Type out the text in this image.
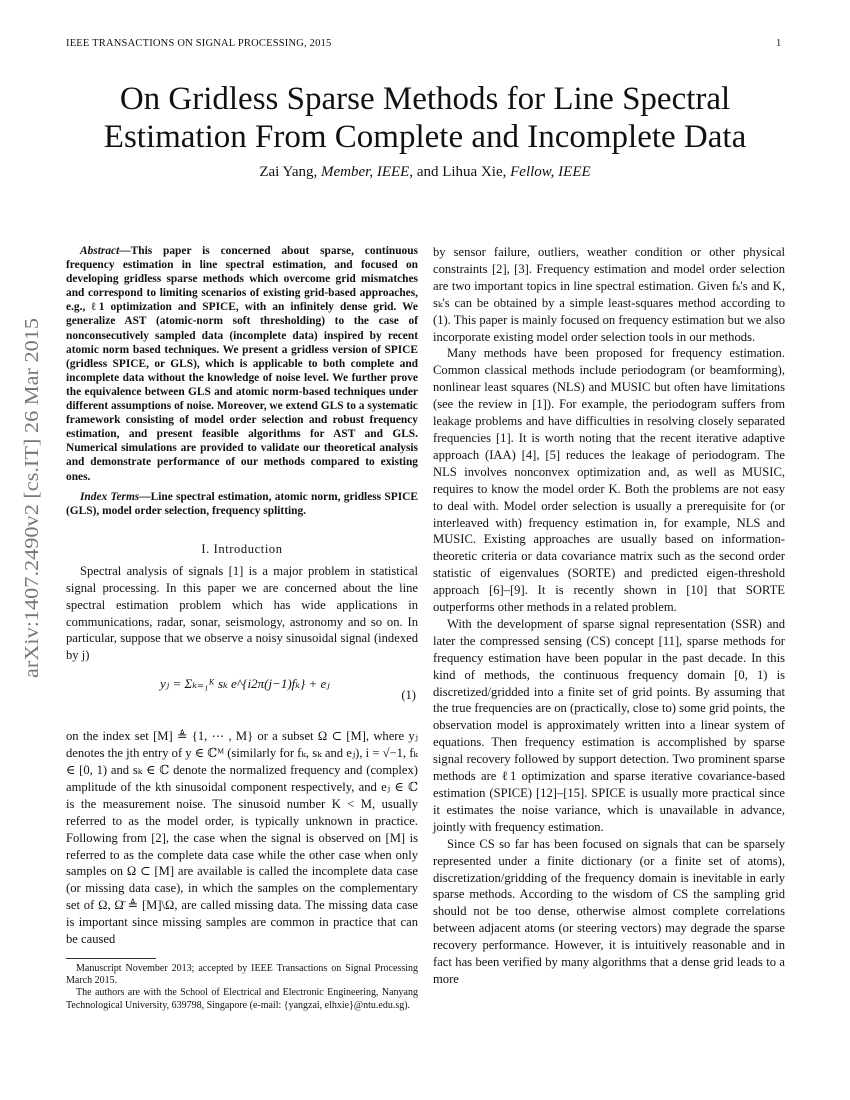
IEEE TRANSACTIONS ON SIGNAL PROCESSING, 2015	1
arXiv:1407.2490v2 [cs.IT] 26 Mar 2015
On Gridless Sparse Methods for Line Spectral Estimation From Complete and Incomplete Data
Zai Yang, Member, IEEE, and Lihua Xie, Fellow, IEEE

Abstract—This paper is concerned about sparse, continuous frequency estimation in line spectral estimation, and focused on developing gridless sparse methods which overcome grid mismatches and correspond to limiting scenarios of existing grid-based approaches, e.g., ℓ1 optimization and SPICE, with an infinitely dense grid. We generalize AST (atomic-norm soft thresholding) to the case of nonconsecutively sampled data (incomplete data) inspired by recent atomic norm based techniques. We present a gridless version of SPICE (gridless SPICE, or GLS), which is applicable to both complete and incomplete data without the knowledge of noise level. We further prove the equivalence between GLS and atomic norm-based techniques under different assumptions of noise. Moreover, we extend GLS to a systematic framework consisting of model order selection and robust frequency estimation, and present feasible algorithms for AST and GLS. Numerical simulations are provided to validate our theoretical analysis and demonstrate performance of our methods compared to existing ones.

Index Terms—Line spectral estimation, atomic norm, gridless SPICE (GLS), model order selection, frequency splitting.

I. Introduction

Spectral analysis of signals [1] is a major problem in statistical signal processing. In this paper we are concerned about the line spectral estimation problem which has wide applications in communications, radar, sonar, seismology, astronomy and so on. In particular, suppose that we observe a noisy sinusoidal signal (indexed by j)

yⱼ = Σₖ₌₁ᴷ sₖ e^{i2π(j−1)fₖ} + eⱼ
(1)

on the index set [M] ≜ {1, ⋯ , M} or a subset Ω ⊂ [M], where yⱼ denotes the jth entry of y ∈ ℂᴹ (similarly for fₖ, sₖ and eⱼ), i = √−1, fₖ ∈ [0, 1) and sₖ ∈ ℂ denote the normalized frequency and (complex) amplitude of the kth sinusoidal component respectively, and eⱼ ∈ ℂ is the measurement noise. The sinusoid number K < M, usually referred to as the model order, is typically unknown in practice. Following from [2], the case when the signal is observed on [M] is referred to as the complete data case while the other case when only samples on Ω ⊂ [M] are available is called the incomplete data case (or missing data case), in which the samples on the complementary set of Ω, Ω̄ ≜ [M]\Ω, are called missing data. The missing data case is important since missing samples are common in practice that can be caused

Manuscript November 2013; accepted by IEEE Transactions on Signal Processing March 2015.

The authors are with the School of Electrical and Electronic Engineering, Nanyang Technological University, 639798, Singapore (e-mail: {yangzai, elhxie}@ntu.edu.sg).

by sensor failure, outliers, weather condition or other physical constraints [2], [3]. Frequency estimation and model order selection are two important topics in line spectral estimation. Given fₖ's and K, sₖ's can be obtained by a simple least-squares method according to (1). This paper is mainly focused on frequency estimation but we also incorporate existing model order selection tools in our methods.

Many methods have been proposed for frequency estimation. Common classical methods include periodogram (or beamforming), nonlinear least squares (NLS) and MUSIC but often have limitations (see the review in [1]). For example, the periodogram suffers from leakage problems and have difficulties in resolving closely separated frequencies [1]. It is worth noting that the recent iterative adaptive approach (IAA) [4], [5] reduces the leakage of periodogram. The NLS involves nonconvex optimization and, as well as MUSIC, requires to know the model order K. Both the problems are not easy to deal with. Model order selection is usually a prerequisite for (or interleaved with) frequency estimation in, for example, NLS and MUSIC. Existing approaches are usually based on information-theoretic criteria or data covariance matrix such as the second order statistic of eigenvalues (SORTE) and predicted eigen-threshold approach [6]–[9]. It is recently shown in [10] that SORTE outperforms other methods in a related problem.

With the development of sparse signal representation (SSR) and later the compressed sensing (CS) concept [11], sparse methods for frequency estimation have been popular in the past decade. In this kind of methods, the continuous frequency domain [0, 1) is discretized/gridded into a finite set of grid points. By assuming that the true frequencies are on (practically, close to) some grid points, the observation model is approximately written into a linear system of equations. Then frequency estimation is accomplished by sparse signal recovery followed by support detection. Two prominent sparse methods are ℓ1 optimization and sparse iterative covariance-based estimation (SPICE) [12]–[15]. SPICE is usually more practical since it estimates the noise variance, which is unavailable in advance, jointly with frequency estimation.

Since CS so far has been focused on signals that can be sparsely represented under a finite dictionary (or a finite set of atoms), discretization/gridding of the frequency domain is inevitable in early sparse methods. According to the wisdom of CS the sampling grid should not be too dense, otherwise almost complete correlations between adjacent atoms (or steering vectors) may degrade the sparse recovery performance. However, it is intuitively reasonable and in fact has been verified by many algorithms that a dense grid leads to a more
